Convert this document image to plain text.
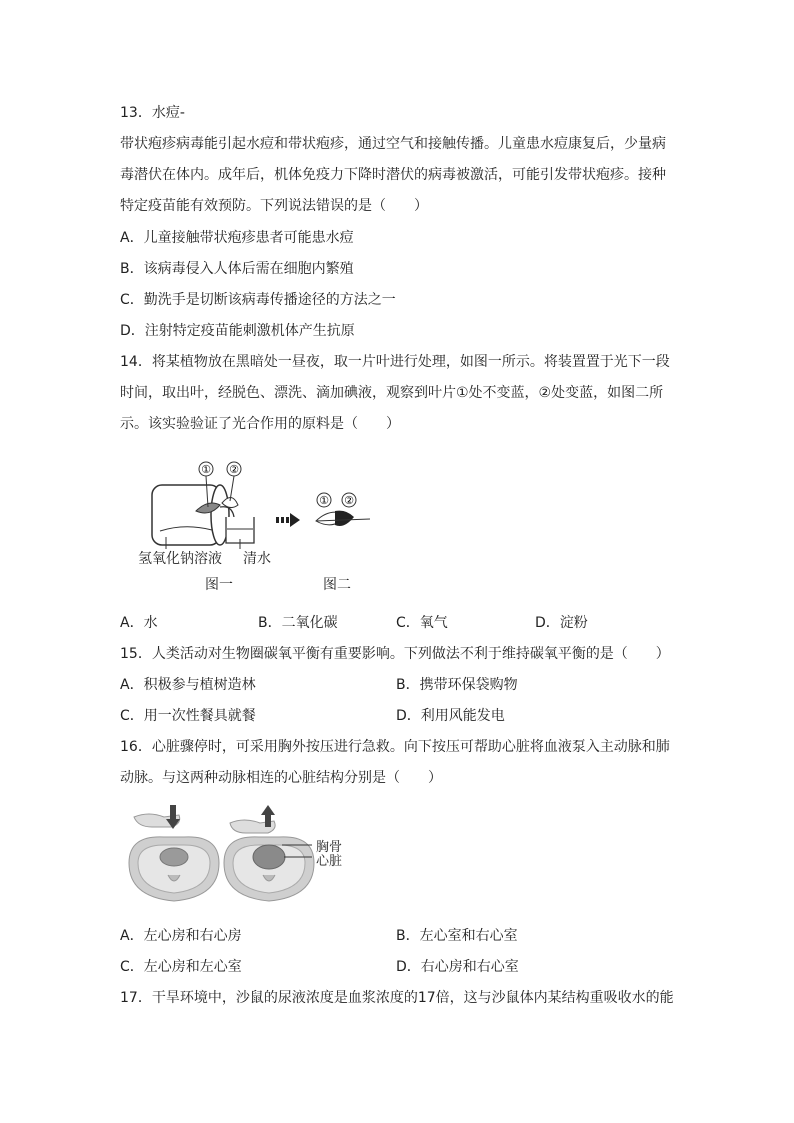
13．水痘-
带状疱疹病毒能引起水痘和带状疱疹，通过空气和接触传播。儿童患水痘康复后，少量病
毒潜伏在体内。成年后，机体免疫力下降时潜伏的病毒被激活，可能引发带状疱疹。接种
特定疫苗能有效预防。下列说法错误的是（　　）
A．儿童接触带状疱疹患者可能患水痘
B．该病毒侵入人体后需在细胞内繁殖
C．勤洗手是切断该病毒传播途径的方法之一
D．注射特定疫苗能刺激机体产生抗原
14．将某植物放在黑暗处一昼夜，取一片叶进行处理，如图一所示。将装置置于光下一段
时间，取出叶，经脱色、漂洗、滴加碘液，观察到叶片①处不变蓝，②处变蓝，如图二所
示。该实验验证了光合作用的原料是（　　）
① ②
① ②
氢氧化钠溶液 清水
图一	图二
A．水	B．二氧化碳	C．氧气	D．淀粉
15．人类活动对生物圈碳氧平衡有重要影响。下列做法不利于维持碳氧平衡的是（　　）
A．积极参与植树造林	B．携带环保袋购物
C．用一次性餐具就餐	D．利用风能发电
16．心脏骤停时，可采用胸外按压进行急救。向下按压可帮助心脏将血液泵入主动脉和肺
动脉。与这两种动脉相连的心脏结构分别是（　　）
胸骨
心脏
A．左心房和右心房	B．左心室和右心室
C．左心房和左心室	D．右心房和右心室
17．干旱环境中，沙鼠的尿液浓度是血浆浓度的17倍，这与沙鼠体内某结构重吸收水的能
